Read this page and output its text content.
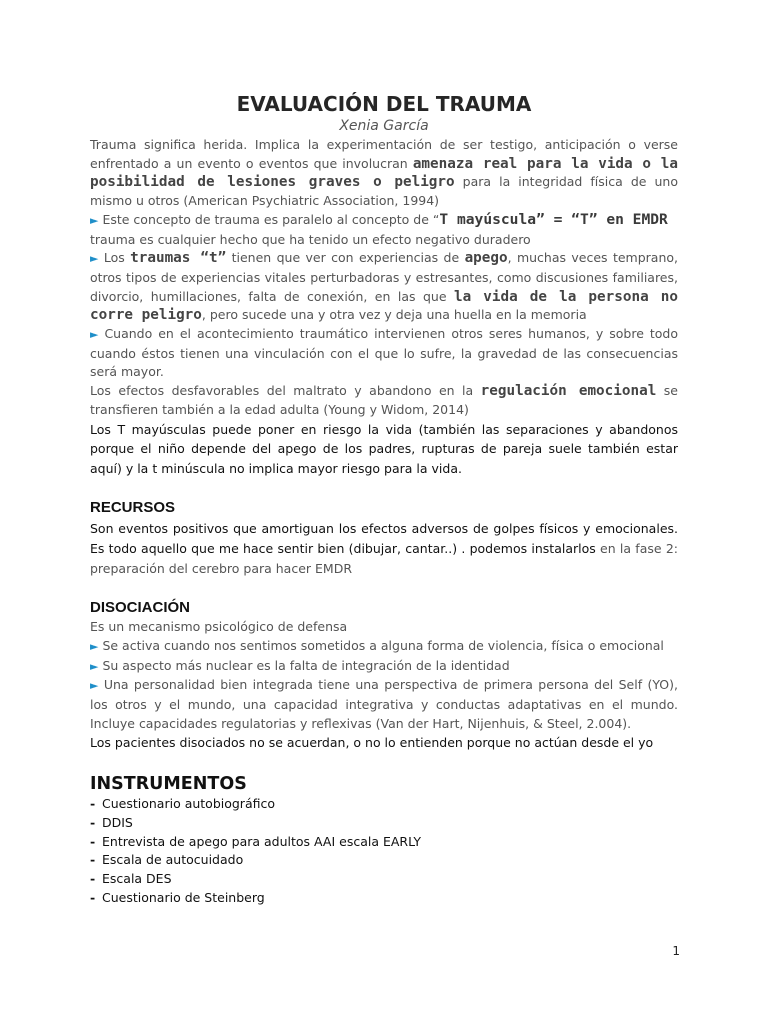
EVALUACIÓN DEL TRAUMA
Xenia García

Trauma significa herida. Implica la experimentación de ser testigo, anticipación o verse enfrentado a un evento o eventos que involucran amenaza real para la vida o la posibilidad de lesiones graves o peligro para la integridad física de uno mismo u otros (American Psychiatric Association, 1994)

► Este concepto de trauma es paralelo al concepto de “T mayúscula” = “T” en EMDR

trauma es cualquier hecho que ha tenido un efecto negativo duradero

► Los traumas “t” tienen que ver con experiencias de apego, muchas veces temprano, otros tipos de experiencias vitales perturbadoras y estresantes, como discusiones familiares, divorcio, humillaciones, falta de conexión, en las que la vida de la persona no corre peligro, pero sucede una y otra vez y deja una huella en la memoria

► Cuando en el acontecimiento traumático intervienen otros seres humanos, y sobre todo cuando éstos tienen una vinculación con el que lo sufre, la gravedad de las consecuencias será mayor.

Los efectos desfavorables del maltrato y abandono en la regulación emocional se transfieren también a la edad adulta (Young y Widom, 2014)

Los T mayúsculas puede poner en riesgo la vida (también las separaciones y abandonos porque el niño depende del apego de los padres, rupturas de pareja suele también estar aquí) y la t minúscula no implica mayor riesgo para la vida.

RECURSOS

Son eventos positivos que amortiguan los efectos adversos de golpes físicos y emocionales. Es todo aquello que me hace sentir bien (dibujar, cantar..) . podemos instalarlos en la fase 2: preparación del cerebro para hacer EMDR

DISOCIACIÓN

Es un mecanismo psicológico de defensa

► Se activa cuando nos sentimos sometidos a alguna forma de violencia, física o emocional

► Su aspecto más nuclear es la falta de integración de la identidad

► Una personalidad bien integrada tiene una perspectiva de primera persona del Self (YO), los otros y el mundo, una capacidad integrativa y conductas adaptativas en el mundo. Incluye capacidades regulatorias y reflexivas (Van der Hart, Nijenhuis, & Steel, 2.004).

Los pacientes disociados no se acuerdan, o no lo entienden porque no actúan desde el yo

INSTRUMENTOS
- Cuestionario autobiográfico
- DDIS
- Entrevista de apego para adultos AAI escala EARLY
- Escala de autocuidado
- Escala DES
- Cuestionario de Steinberg
1
